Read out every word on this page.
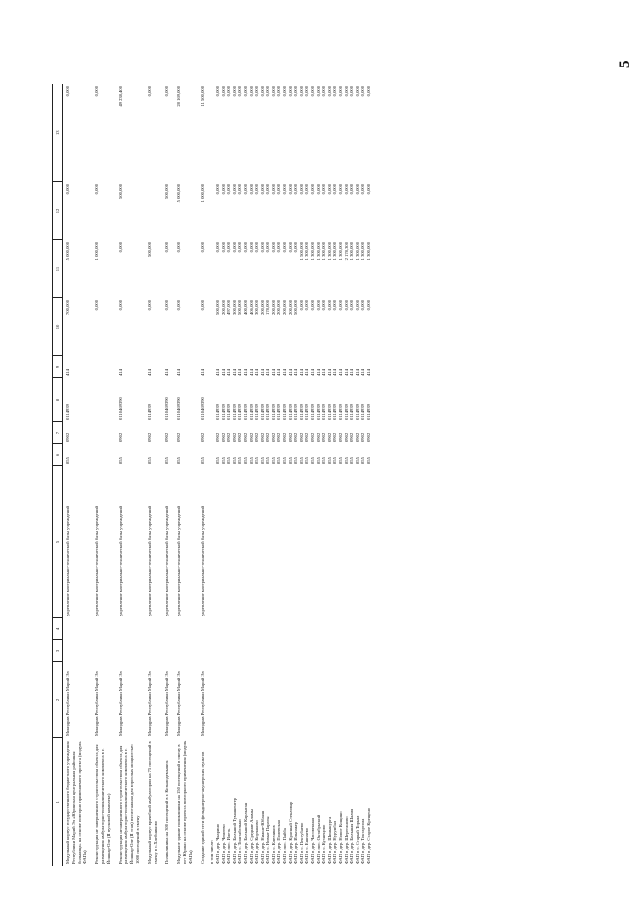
5
1	2	3	4	5	6	7	8	9	10	11	12	13
Модульный корпус государственного бюджетного учреждения Республики Марий Эл «Юринская центральная районная больница» на основе повторно применяемого проекта (модуль ФАПа)	Минздрав Республики Марий Эл			укрепление материально-технической базы учреждений	855	0902	0114939	414	700,000	5 000,000	0,000	0,000
Реконструкция не завершенного строительством объекта для размещения амбулаторно-поликлинического комплекса в г. Йошкар-Оле (II пусковой комплекс)	Минздрав Республики Марий Эл			укрепление материально-технической базы учреждений					0,000	1 000,000	0,000	0,000
Реконструкция незавершенного строительством объекта для размещения амбулаторно-поликлинического комплекса в г. Йошкар-Оле (II этап) пятиэтажная для взрослых мощностью 1000 посещений в смену	Минздрав Республики Марий Эл			укрепление материально-технической базы учреждений	855	0902	0110469390	414	0,000	0,000	500,000	49 238,400
Модульный корпус врачебной амбулатории на 75 посещений в смену в с.Хлебниково	Минздрав Республики Марий Эл			укрепление материально-технической базы учреждений	855	0902	0114939	414	0,000	500,000		0,000
Поликлиника на 300 посещений в г. Козьмодемьянск	Минздрав Республики Марий Эл			укрепление материально-технической базы учреждений	855	0902	0110469390	414	0,000	0,000	500,000	0,000
Модульное здание поликлиники на 150 посещений в смену в пгт Юрино на основе проекта повторного применения (модуль ФАПа)	Минздрав Республики Марий Эл			укрепление материально-технической базы учреждений	855	0902	0110469390	414	0,000	0,000	5 000,000	28 169,000
Создание единой сети фельдшерско-акушерских пунктов	Минздрав Республики Марий Эл			укрепление материально-технической базы учреждений	855	0902	0110469390	414	0,000	0,000	1 000,000	11 500,000
в том числе:												
ФАП в дер. Чкарино					855	0902	0114939	414	500,000	0,000	0,000	0,000
ФАП в дер. Чемеево					855	0902	0114939	414	200,000	0,000	0,000	0,000
ФАП в пос. Илеть					855	0902	0114939	414	497,000	0,000	0,000	0,000
ФАП в дер. Большой Тумашенгер					855	0902	0114939	414	300,000	0,000	0,000	0,000
ФАП в с. Тоштабельки					855	0902	0114939	414	500,000	0,000	0,000	0,000
ФАП в дер. Большой Карлыган					855	0902	0114939	414	400,000	0,000	0,000	0,000
ФАП в дер. Средние Аламы					855	0902	0114939	414	406,000	0,000	0,000	0,000
ФАП в дер. Корчаково					855	0902	0114939	414	300,000	0,000	0,000	0,000
ФАП в дер. Нижне-Юбаяш					855	0902	0114939	414	200,000	0,000	0,000	0,000
ФАП в с. Новые Параты					855	0902	0114939	414	178,000	0,000	0,000	0,000
ФАП в с. Ключиков					855	0902	0114939	414	200,000	0,000	0,000	0,000
ФАП в дер. Полевская					855	0902	0114939	414	200,000	0,000	0,000	0,000
ФАП в пос. Пайба					855	0902	0114939	414	200,000	0,000	0,000	0,000
ФАП в дер. Красный Стекловар					855	0902	0114939	414	200,000	0,000	0,000	0,000
ФАП в дер. Ильпакер					855	0902	0114939	414	500,000	0,000	0,000	0,000
ФАП в с. Пектубаево					855	0902	0114939	414	0,000	1 500,000	0,000	0,000
ФАП в с. Ешпаево					855	0902	0114939	414	0,000	1 300,000	0,000	0,000
ФАП в дер. Часовенная					855	0902	0114939	414	0,000	1 300,000	0,000	0,000
ФАП в пос. Октябрьский					855	0902	0114939	414	0,000	1 300,000	0,000	0,000
ФАП в с. Кузнецово					855	0902	0114939	414	0,000	1 300,000	0,000	0,000
ФАП в дер. Шиньшурга					855	0902	0114939	414	0,000	1 300,000	0,000	0,000
ФАП в дер. Нурумбал					855	0902	0114939	414	0,000	1 300,000	0,000	0,000
ФАП в дер. Новое Кощино					855	0902	0114939	414	0,000	1 300,000	0,000	0,000
ФАП в дер. Шереганово					855	0902	0114939	414	0,000	2 178,300	0,000	0,000
ФАП в дер. Большая Шалия					855	0902	0114939	414	0,000	1 300,000	0,000	0,000
ФАП в с. Старый Торьял					855	0902	0114939	414	0,000	1 300,000	0,000	0,000
ФАП в дер. Токтарсола					855	0902	0114939	414	0,000	1 300,000	0,000	0,000
ФАП в дер. Старое Крещено					855	0902	0114939	414	0,000	1 300,000	0,000	0,000
